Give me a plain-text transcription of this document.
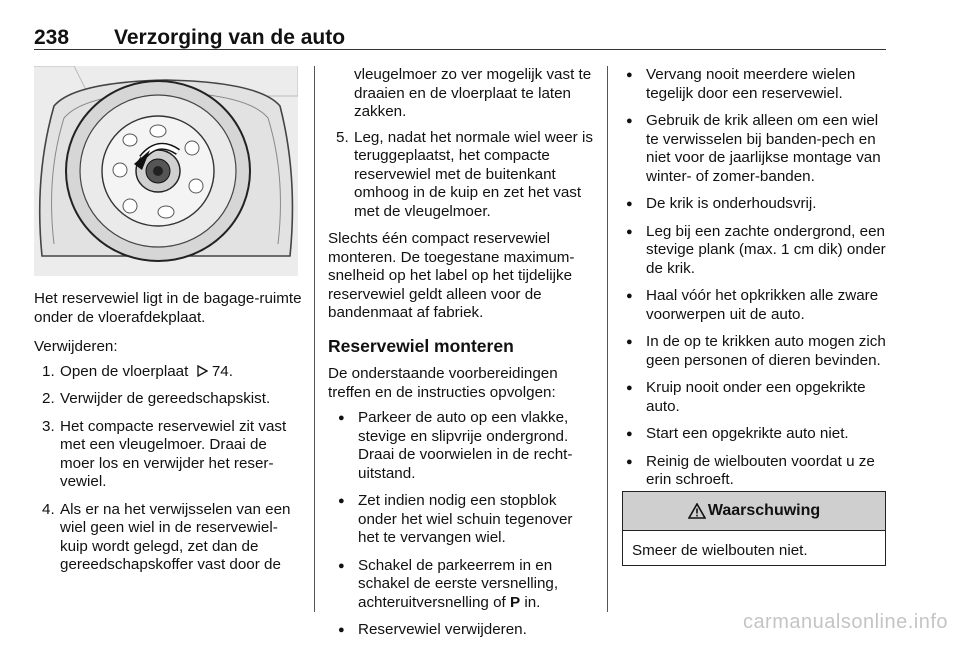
238 Verzorging van de auto

Het reservewiel ligt in de bagage-ruimte onder de vloerafdekplaat.

Verwijderen:

1. Open de vloerplaat 74.
2. Verwijder de gereedschapskist.
3. Het compacte reservewiel zit vast met een vleugelmoer. Draai de moer los en verwijder het reser-vewiel.
4. Als er na het verwijsselen van een wiel geen wiel in de reservewiel-kuip wordt gelegd, zet dan de gereedschapskoffer vast door de
vleugelmoer zo ver mogelijk vast te draaien en de vloerplaat te laten zakken.
5. Leg, nadat het normale wiel weer is teruggeplaatst, het compacte reservewiel met de buitenkant omhoog in de kuip en zet het vast met de vleugelmoer.

Slechts één compact reservewiel monteren. De toegestane maximum-snelheid op het label op het tijdelijke reservewiel geldt alleen voor de bandenmaat af fabriek.

Reservewiel monteren

De onderstaande voorbereidingen treffen en de instructies opvolgen:

● Parkeer de auto op een vlakke, stevige en slipvrije ondergrond. Draai de voorwielen in de recht-uitstand.
● Zet indien nodig een stopblok onder het wiel schuin tegenover het te vervangen wiel.
● Schakel de parkeerrem in en schakel de eerste versnelling, achteruitversnelling of P in.
● Reservewiel verwijderen.
● Vervang nooit meerdere wielen tegelijk door een reservewiel.
● Gebruik de krik alleen om een wiel te verwisselen bij banden-pech en niet voor de jaarlijkse montage van winter- of zomer-banden.
● De krik is onderhoudsvrij.
● Leg bij een zachte ondergrond, een stevige plank (max. 1 cm dik) onder de krik.
● Haal vóór het opkrikken alle zware voorwerpen uit de auto.
● In de op te krikken auto mogen zich geen personen of dieren bevinden.
● Kruip nooit onder een opgekrikte auto.
● Start een opgekrikte auto niet.
● Reinig de wielbouten voordat u ze erin schroeft.
Waarschuwing
Smeer de wielbouten niet.
carmanualsonline.info
